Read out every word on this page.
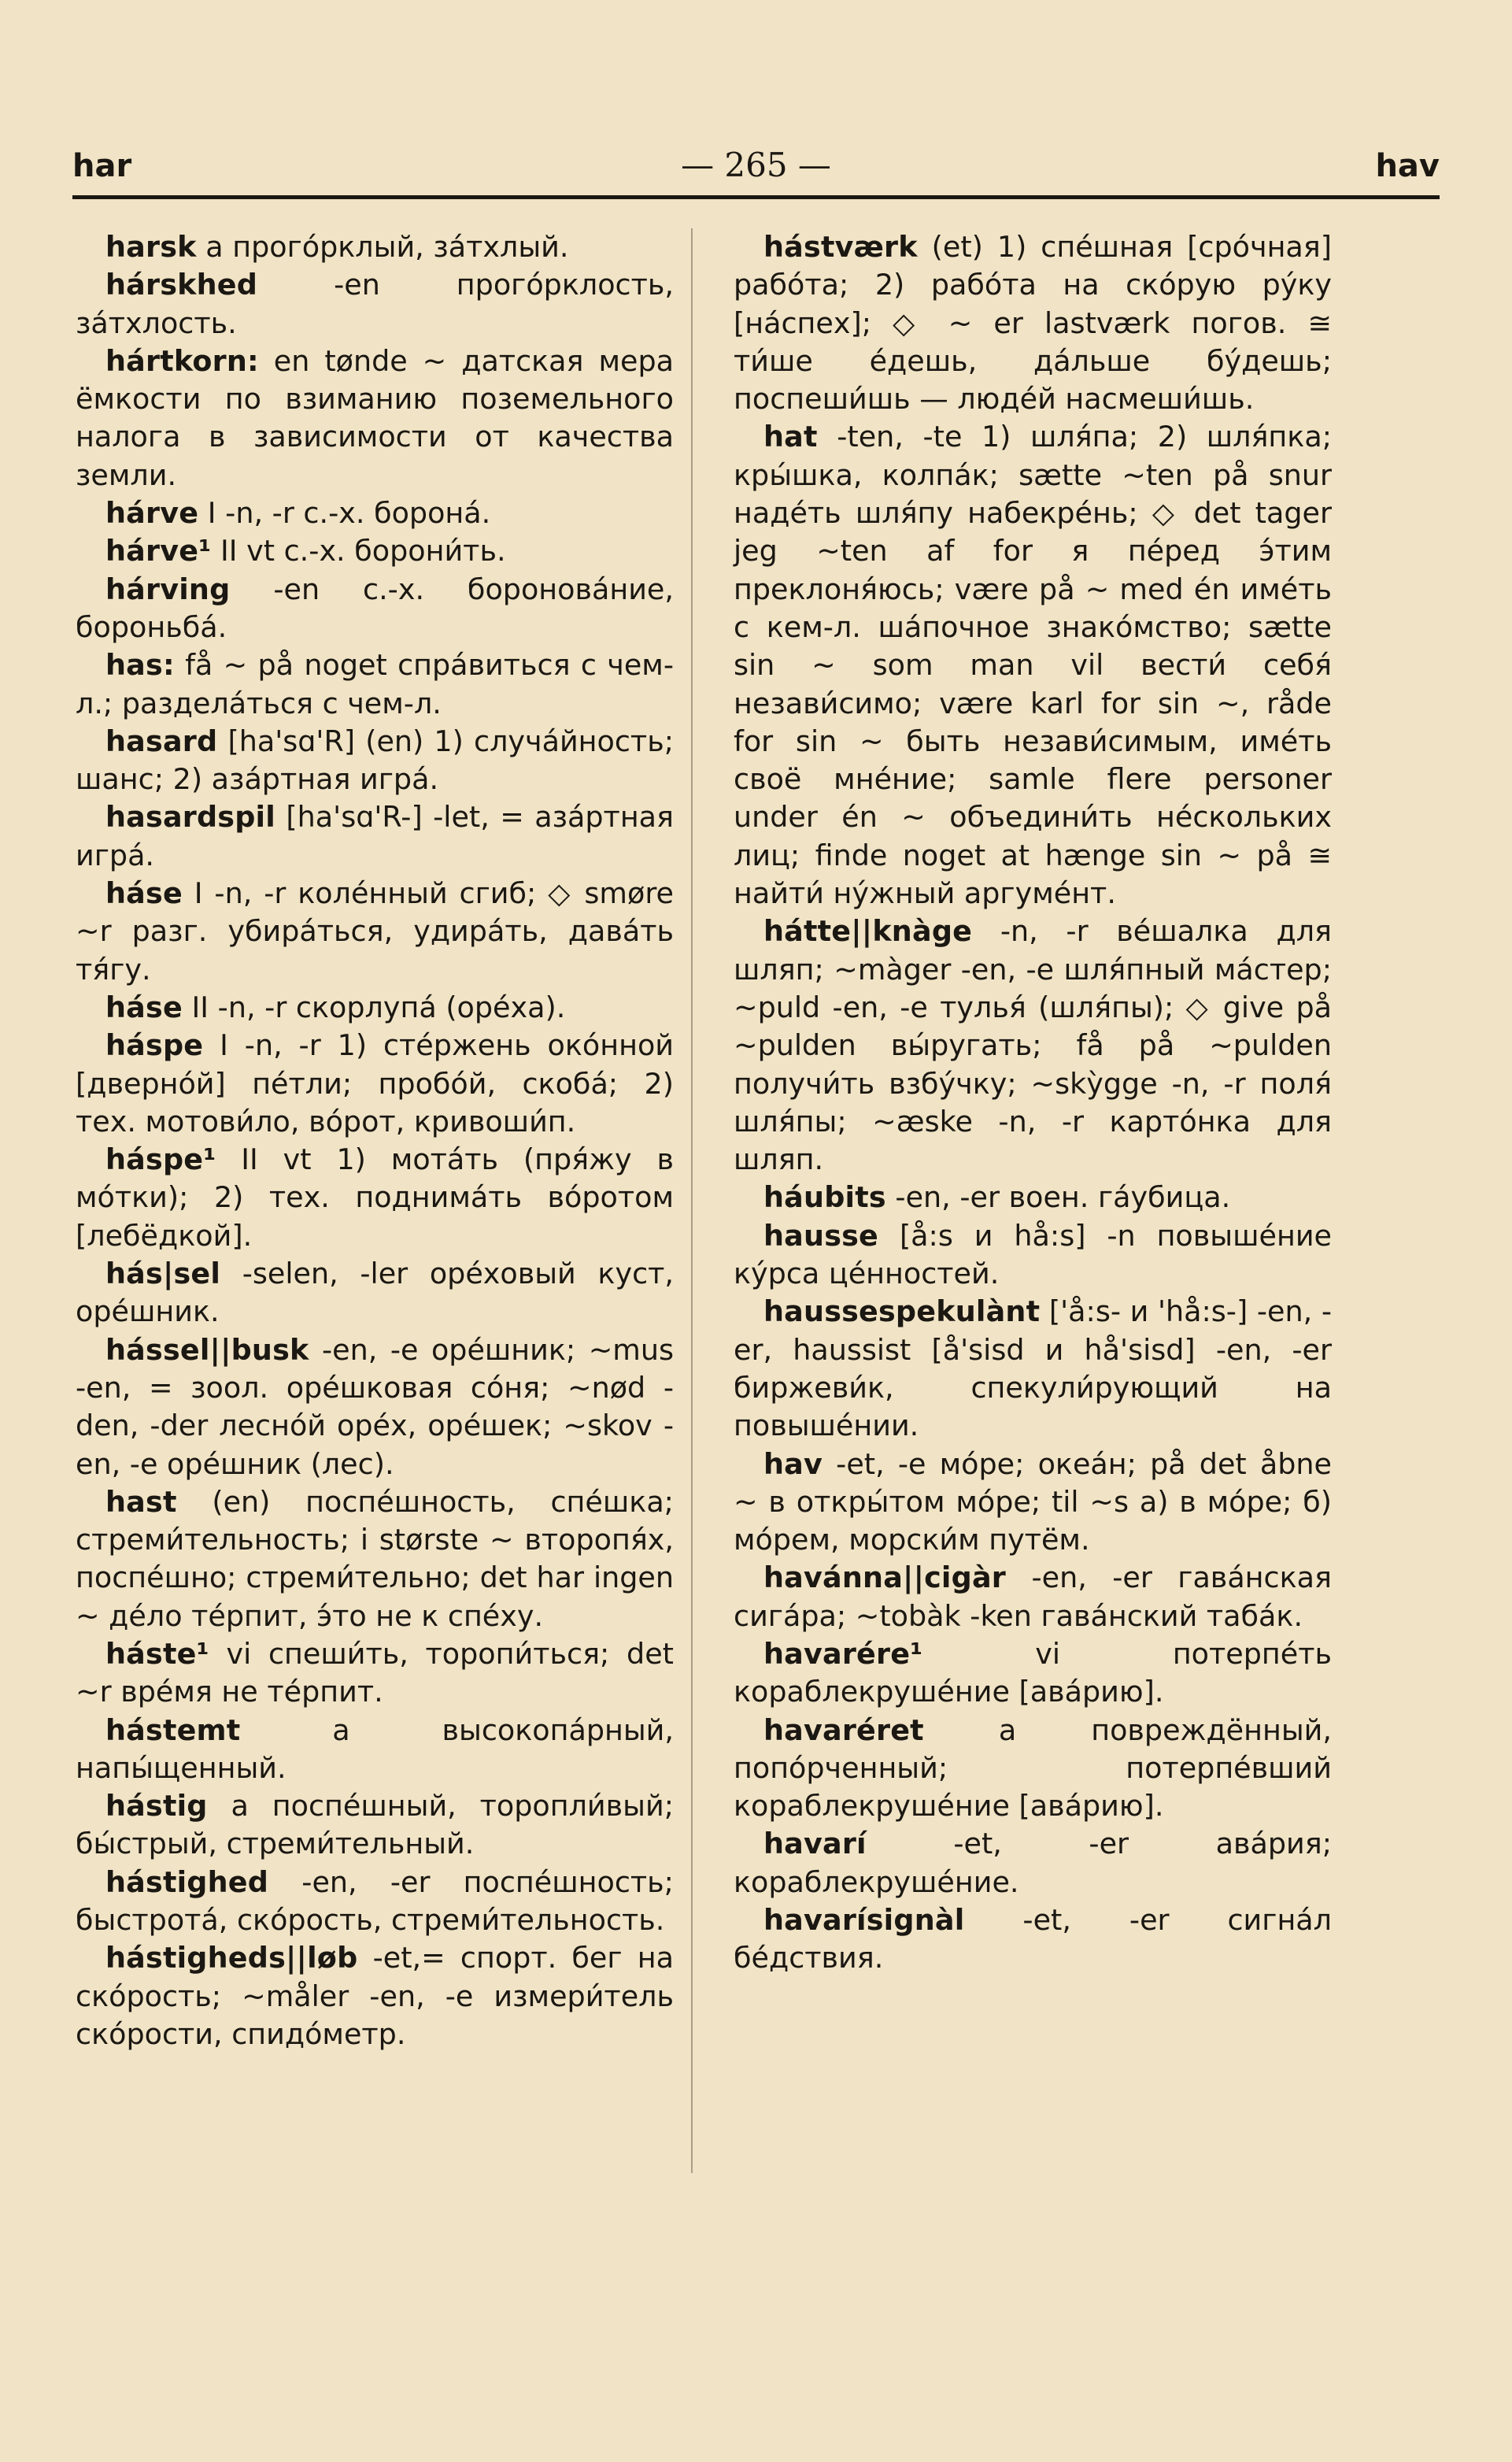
har	— 265 —	hav

harsk a прогóрклый, зáтхлый.

hárskhed	-en прогóрклость, зáтхлость.

hártkorn: en tønde ~ датская мера ёмкости по взиманию поземельного налога в зависимости от качества земли.

hárve I -n, -r с.-х. боронá.

hárve¹ II vt с.-х. борони́ть.

hárving -en с.-х. боронова́ние, бороньбá.

has: få ~ på noget спрáвиться с чем-л.; разделáться с чем-л.

hasard [ha'sɑ'R] (en) 1) случáйность; шанс; 2) азáртная игрá.

hasardspil [ha'sɑ'R-] -let, = азáртная игрá.

háse I -n, -r колéнный сгиб; ◇ smøre ~r разг. убирáться, удирáть, давáть тя́гу.

háse II -n, -r скорлупá (орéха).

háspe I -n, -r 1) стéржень окóнной [двернóй] пéтли; пробóй, скобá; 2) тех. мотови́ло, вóрот, кривоши́п.

háspe¹ II vt 1) мотáть (пря́жу в мóтки); 2) тех. поднимáть вóротом [лебёдкой].

hás|sel -selen, -ler орéховый куст, орéшник.

hássel||busk -en, -e орéшник; ~mus -en, = зоол. орéшковая сóня; ~nød -den, -der леснóй орéх, орéшек; ~skov -en, -e орéшник (лес).

hast (en) поспéшность, спéшка; стреми́тельность; i største ~ второпя́х, поспéшно; стреми́тельно; det har ingen ~ дéло тéрпит, э́то не к спéху.

háste¹ vi спеши́ть, торопи́ться; det ~r врéмя не тéрпит.

hástemt	a высокопáрный, напы́щенный.

hástig a поспéшный, торопли́вый; бы́стрый, стреми́тельный.

hástighed -en, -er поспéшность; быстротá, скóрость, стреми́тельность.

hástigheds||løb -et,= спорт. бег на скóрость; ~måler -en, -e измери́тель скóрости, спидóметр.

hástværk (et) 1) спéшная [срóчная] рабóта; 2) рабóта на скóрую рýку [нáспех]; ◇ ~ er lastværk погов. ≅ ти́ше éдешь, дáльше бýдешь; поспеши́шь — людéй насмеши́шь.

hat -ten, -te 1) шля́па; 2) шля́пка; кры́шка, колпáк; sætte ~ten på snur надéть шля́пу набекрéнь; ◇ det tager jeg ~ten af for я пéред э́тим преклоня́юсь; være på ~ med én имéть с кем-л. шáпочное знакóмство; sætte sin ~ som man vil вести́ себя́ незави́симо; være karl for sin ~, råde for sin ~ быть незави́симым, имéть своё мнéние; samle flere personer under én ~ объедини́ть нéскольких лиц; finde noget at hænge sin ~ på ≅ найти́ нýжный аргумéнт.

hátte||knàge -n, -r вéшалка для шляп; ~màger -en, -e шля́пный мáстер; ~puld -en, -e тулья́ (шля́пы); ◇ give på ~pulden вы́ругать; få på ~pulden получи́ть взбýчку; ~skỳgge -n, -r поля́ шля́пы; ~æske -n, -r картóнка для шляп.

háubits -en, -er воен. гáубица.

hausse [å:s и hå:s] -n повышéние кýрса цéнностей.

haussespekulànt ['å:s- и 'hå:s-] -en, -er, haussist [å'sisd и hå'sisd] -en, -er биржеви́к, спекули́рующий на повышéнии.

hav -et, -e мóре; океáн; på det åbne ~ в откры́том мóре; til ~s а) в мóре; б) мóрем, морски́м путём.

havánna||cigàr -en, -er гавáнская сигáра; ~tobàk -ken гавáнский табáк.

havarére¹	vi потерпéть кораблекрушéние [авáрию].

havaréret	a повреждённый, попóрченный; потерпéвший кораблекрушéние [авáрию].

havarí	-et, -er авáрия; кораблекрушéние.

havarísignàl -et, -er сигнáл бéдствия.
